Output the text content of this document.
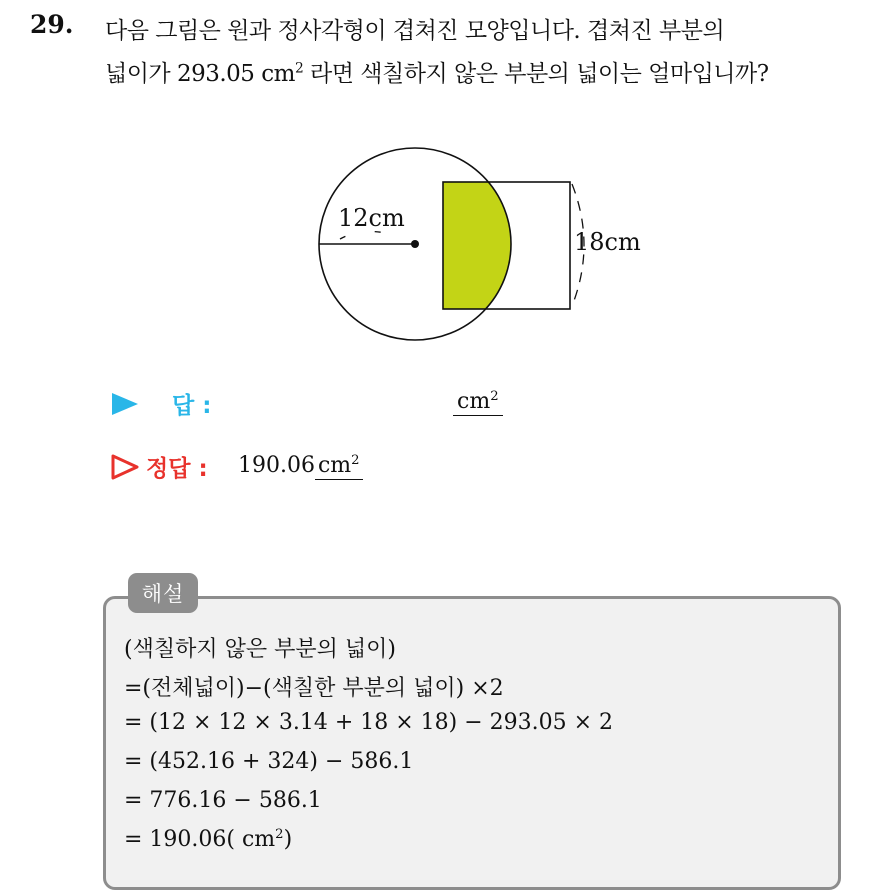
29. 다음 그림은 원과 정사각형이 겹쳐진 모양입니다. 겹쳐진 부분의
넓이가 293.05 $cm^2$ 라면 색칠하지 않은 부분의 넓이는 얼마입니까?
12cm
18cm
답 :	$cm^2$
정답 : 190.06 $cm^2$
해설
(색칠하지 않은 부분의 넓이)
=(전체넓이)−(색칠한 부분의 넓이) ×2
= (12 × 12 × 3.14 + 18 × 18) − 293.05 × 2
= (452.16 + 324) − 586.1
= 776.16 − 586.1
= 190.06( $cm^2$)
